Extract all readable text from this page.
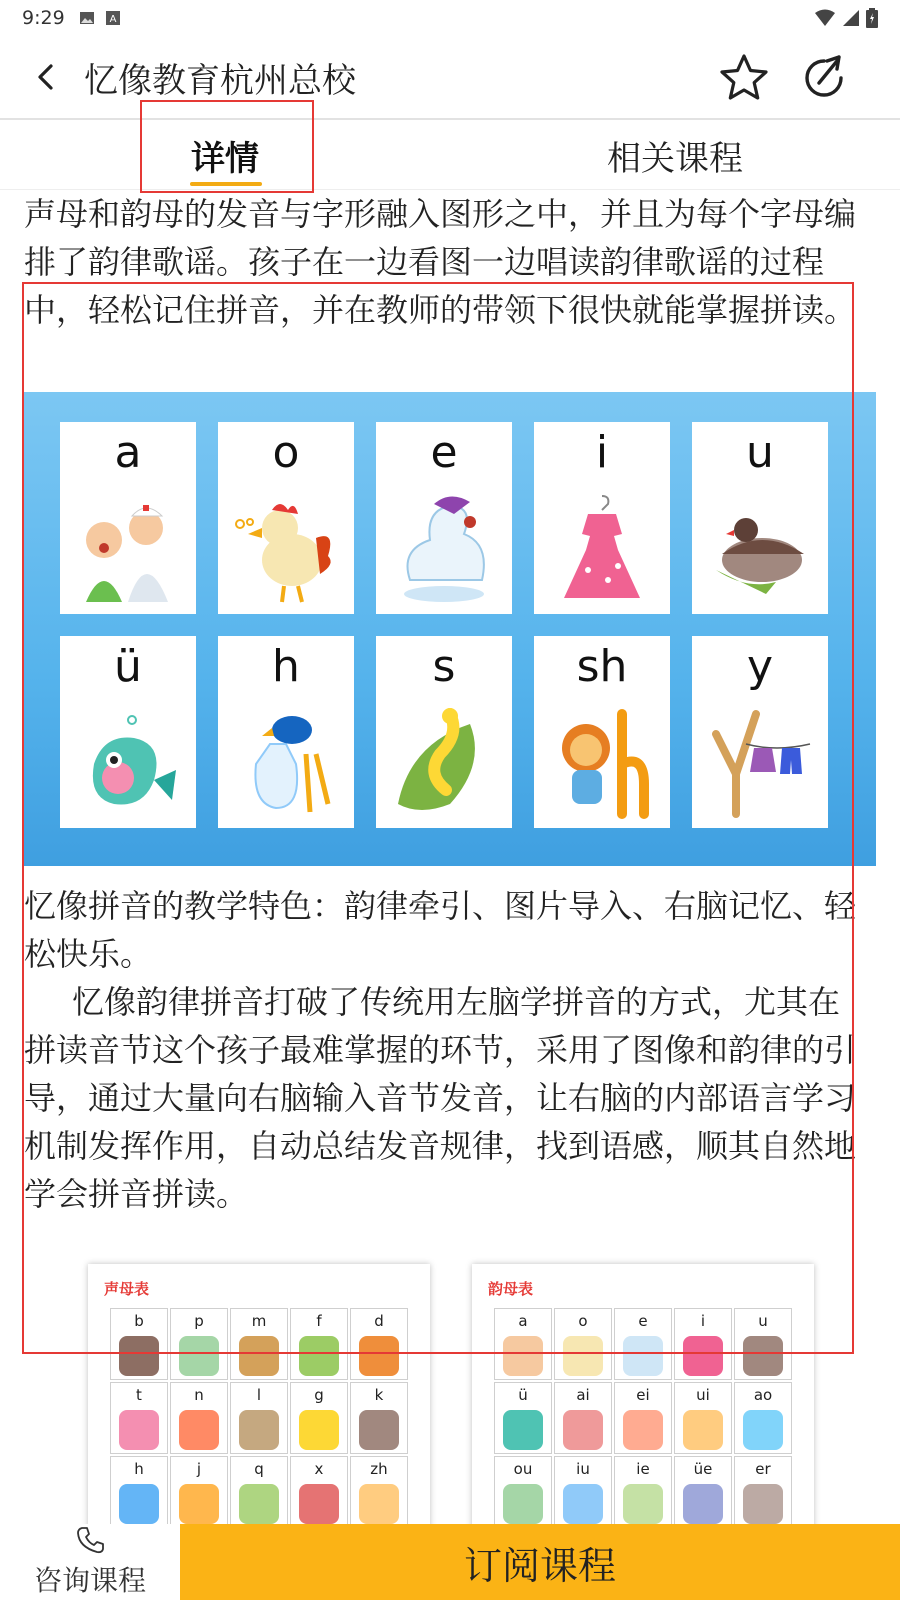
9:29	A
忆像教育杭州总校
详情	相关课程

声母和韵母的发音与字形融入图形之中，并且为每个字母编排了韵律歌谣。孩子在一边看图一边唱读韵律歌谣的过程中，轻松记住拼音，并在教师的带领下很快就能掌握拼读。

a	o	e	i	u
ü	h	s	sh	y

忆像拼音的教学特色：韵律牵引、图片导入、右脑记忆、轻松快乐。

忆像韵律拼音打破了传统用左脑学拼音的方式，尤其在拼读音节这个孩子最难掌握的环节，采用了图像和韵律的引导，通过大量向右脑输入音节发音，让右脑的内部语言学习机制发挥作用，自动总结发音规律，找到语感，顺其自然地学会拼音拼读。

声母表
b	p	m	f	d
t	n	l	g	k
h	j	q	x	zh
韵母表
a	o	e	i	u
ü	ai	ei	ui	ao
ou	iu	ie	üe	er
咨询课程	订阅课程
